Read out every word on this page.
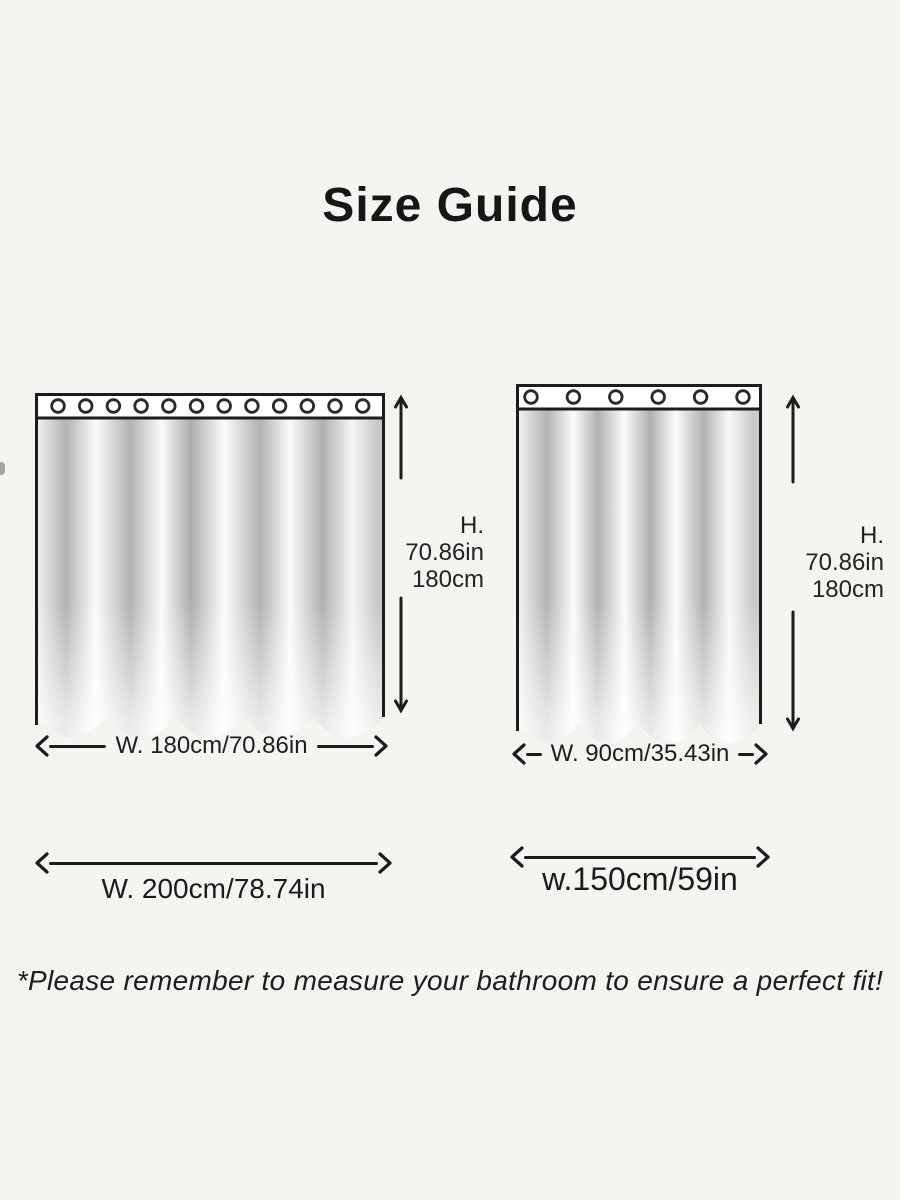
Size Guide
H. 70.86in
180cm
H. 70.86in
180cm
W. 180cm/70.86in	W. 90cm/35.43in
W. 200cm/78.74in	w.150cm/59in
*Please remember to measure your bathroom to ensure a perfect fit!
